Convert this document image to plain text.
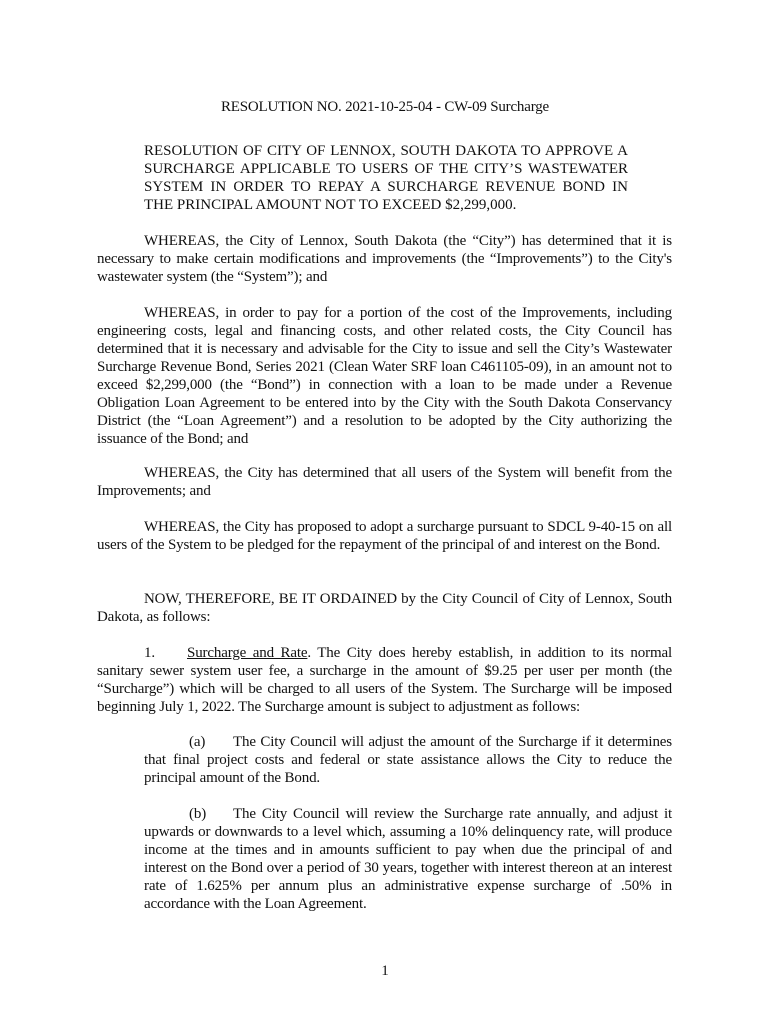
RESOLUTION NO. 2021-10-25-04 - CW-09 Surcharge
RESOLUTION OF CITY OF LENNOX, SOUTH DAKOTA TO APPROVE A SURCHARGE APPLICABLE TO USERS OF THE CITY’S WASTEWATER SYSTEM IN ORDER TO REPAY A SURCHARGE REVENUE BOND IN THE PRINCIPAL AMOUNT NOT TO EXCEED $2,299,000.
WHEREAS, the City of Lennox, South Dakota (the “City”) has determined that it is necessary to make certain modifications and improvements (the “Improvements”) to the City's wastewater system (the “System”); and
WHEREAS, in order to pay for a portion of the cost of the Improvements, including engineering costs, legal and financing costs, and other related costs, the City Council has determined that it is necessary and advisable for the City to issue and sell the City’s Wastewater Surcharge Revenue Bond, Series 2021 (Clean Water SRF loan C461105-09), in an amount not to exceed $2,299,000 (the “Bond”) in connection with a loan to be made under a Revenue Obligation Loan Agreement to be entered into by the City with the South Dakota Conservancy District (the “Loan Agreement”) and a resolution to be adopted by the City authorizing the issuance of the Bond; and
WHEREAS, the City has determined that all users of the System will benefit from the Improvements; and
WHEREAS, the City has proposed to adopt a surcharge pursuant to SDCL 9-40-15 on all users of the System to be pledged for the repayment of the principal of and interest on the Bond.
NOW, THEREFORE, BE IT ORDAINED by the City Council of City of Lennox, South Dakota, as follows:
1. Surcharge and Rate. The City does hereby establish, in addition to its normal sanitary sewer system user fee, a surcharge in the amount of $9.25 per user per month (the “Surcharge”) which will be charged to all users of the System. The Surcharge will be imposed beginning July 1, 2022. The Surcharge amount is subject to adjustment as follows:
(a) The City Council will adjust the amount of the Surcharge if it determines that final project costs and federal or state assistance allows the City to reduce the principal amount of the Bond.
(b) The City Council will review the Surcharge rate annually, and adjust it upwards or downwards to a level which, assuming a 10% delinquency rate, will produce income at the times and in amounts sufficient to pay when due the principal of and interest on the Bond over a period of 30 years, together with interest thereon at an interest rate of 1.625% per annum plus an administrative expense surcharge of .50% in accordance with the Loan Agreement.
1
